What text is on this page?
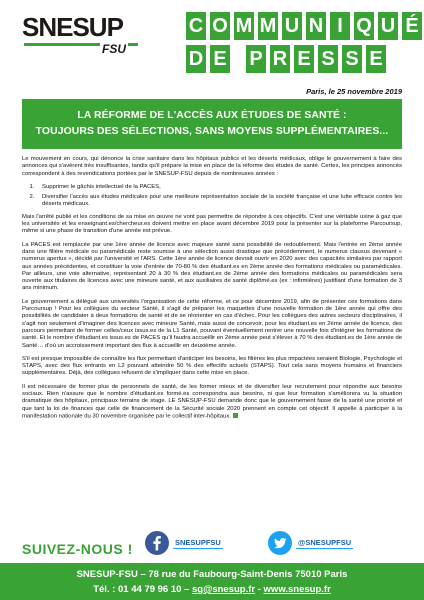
SNESUP
FSU
C O M M U N I Q U É
D E P R E S S E
Paris, le 25 novembre 2019
LA RÉFORME DE L'ACCÈS AUX ÉTUDES DE SANTÉ :
TOUJOURS DES SÉLECTIONS, SANS MOYENS SUPPLÉMENTAIRES...

Le mouvement en cours, qui dénonce la crise sanitaire dans les hôpitaux publics et les déserts médicaux, oblige le gouvernement à faire des annonces qui s'avèrent très insuffisantes, tandis qu'il prépare la mise en place de la réforme des études de santé. Certes, les principes annoncés correspondent à des revendications portées par le SNESUP-FSU depuis de nombreuses années :

1. Supprimer le gâchis intellectuel de la PACES,
2. Diversifier l'accès aux études médicales pour une meilleure représentation sociale de la société française et une lutte efficace contre les déserts médicaux.

Mais l'arrêté publié et les conditions de sa mise en œuvre ne vont pas permettre de répondre à ces objectifs. C'est une véritable usine à gaz que les universités et les enseignant.es/chercheur.es doivent mettre en place avant décembre 2019 pour la présenter sur la plateforme Parcoursup, même si une phase de transition d'une année est prévue.

La PACES est remplacée par une 1ère année de licence avec majeure santé sans possibilité de redoublement. Mais l'entrée en 2ème année dans une filière médicale ou paramédicale reste soumise à une sélection aussi drastique que précédemment, le numerus clausus devenant « numerus apertus », décidé par l'université et l'ARS. Cette 1ère année de licence devrait ouvrir en 2020 avec des capacités similaires par rapport aux années précédentes, et constituer la voie d'entrée de 70-80 % des étudiant.es en 2ème année des formations médicales ou paramédicales. Par ailleurs, une voie alternative, représentant 20 à 30 % des étudiant.es de 2ème année des formations médicales ou paramédicales sera ouverte aux titulaires de licences avec une mineure santé, et aux auxiliaires de santé diplômé.es (ex : infirmières) justifiant d'une formation de 3 ans minimum.

Le gouvernement a délégué aux universités l'organisation de cette réforme, et ce pour décembre 2019, afin de présenter ces formations dans Parcoursup ! Pour les collègues du secteur Santé, il s'agit de préparer les maquettes d'une nouvelle formation de 1ère année qui offre des possibilités de candidater à deux formations de santé et de se réorienter en cas d'échec. Pour les collègues des autres secteurs disciplinaires, il s'agit non seulement d'imaginer des licences avec mineure Santé, mais aussi de concevoir, pour les étudiant.es en 2ème année de licence, des parcours permettant de former celles/ceux issus.es de la L1 Santé, pouvant éventuellement rentrer une nouvelle fois d'intégrer les formations de santé. Et le nombre d'étudiant.es issus.es de PACES qu'il faudra accueillir en 2ème année peut s'élever à 70 % des étudiant.es de 1ère année de Santé… d'où un accroissement important des flux à accueillir en deuxième année.

S'il est presque impossible de connaître les flux permettant d'anticiper les besoins, les filières les plus impactées seraient Biologie, Psychologie et STAPS, avec des flux entrants en L2 pouvant atteindre 50 % des effectifs actuels (STAPS). Tout cela sans moyens humains et financiers supplémentaires. Déjà, des collègues refusent de s'impliquer dans cette mise en place.

Il est nécessaire de former plus de personnels de santé, de les former mieux et de diversifier leur recrutement pour répondre aux besoins sociaux. Rien n'assure que le nombre d'étudiant.es formé.es correspondra aux besoins, ni que leur formation s'améliorera vu la situation dramatique des hôpitaux, principaux terrains de stage. LE SNESUP-FSU demande donc que le gouvernement fasse de la santé une priorité et que tant la loi de finances que celle de financement de la Sécurité sociale 2020 prennent en compte cet objectif. Il appelle à participer à la manifestation nationale du 30 novembre organisée par le collectif inter-hôpitaux.

SUIVEZ-NOUS !	SNESUPFSU	@SNESUPFSU
SNESUP-FSU – 78 rue du Faubourg-Saint-Denis 75010 Paris
Tél. : 01 44 79 96 10 – sg@snesup.fr - www.snesup.fr
